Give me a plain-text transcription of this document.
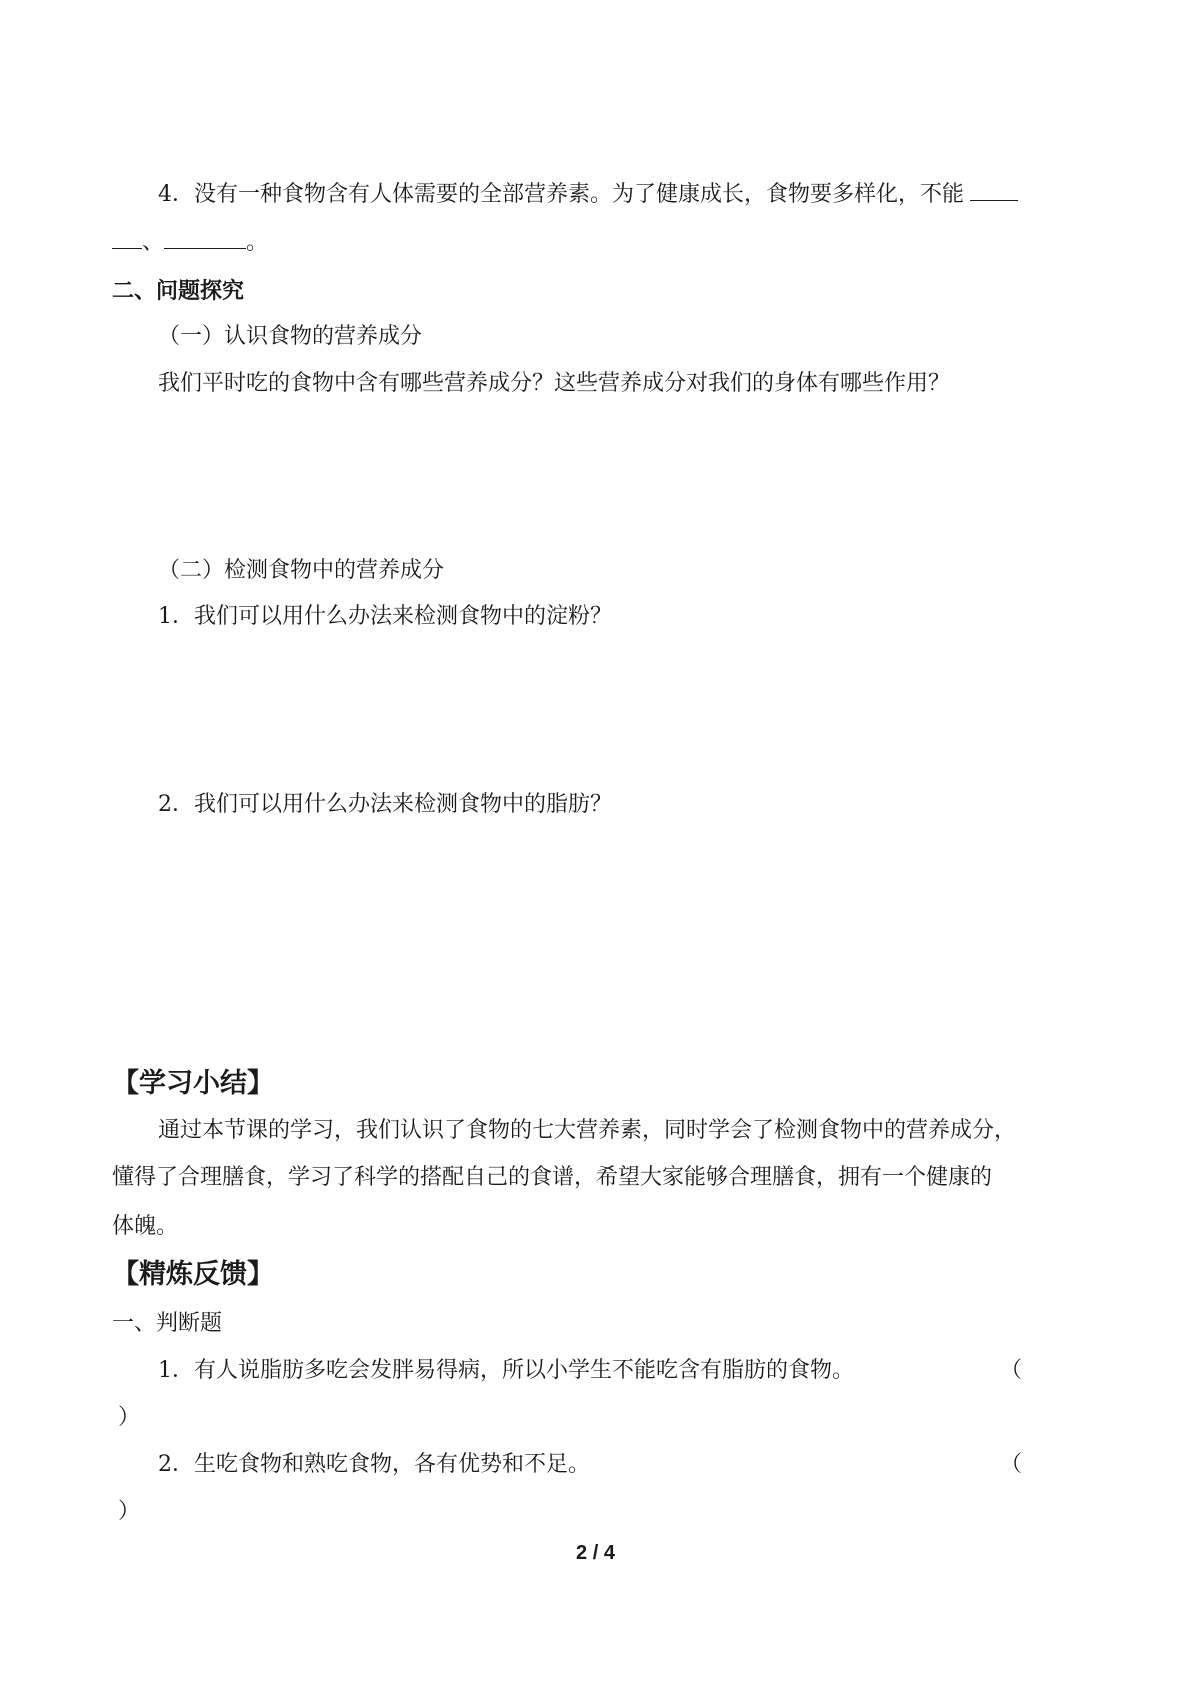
4．没有一种食物含有人体需要的全部营养素。为了健康成长，食物要多样化，不能
、	。
二、问题探究
（一）认识食物的营养成分
我们平时吃的食物中含有哪些营养成分？这些营养成分对我们的身体有哪些作用？
（二）检测食物中的营养成分
1．我们可以用什么办法来检测食物中的淀粉？
2．我们可以用什么办法来检测食物中的脂肪？
【学习小结】
通过本节课的学习，我们认识了食物的七大营养素，同时学会了检测食物中的营养成分，
懂得了合理膳食，学习了科学的搭配自己的食谱，希望大家能够合理膳食，拥有一个健康的
体魄。
【精炼反馈】
一、判断题
1．有人说脂肪多吃会发胖易得病，所以小学生不能吃含有脂肪的食物。	（
）
2．生吃食物和熟吃食物，各有优势和不足。	（
）
2 / 4
